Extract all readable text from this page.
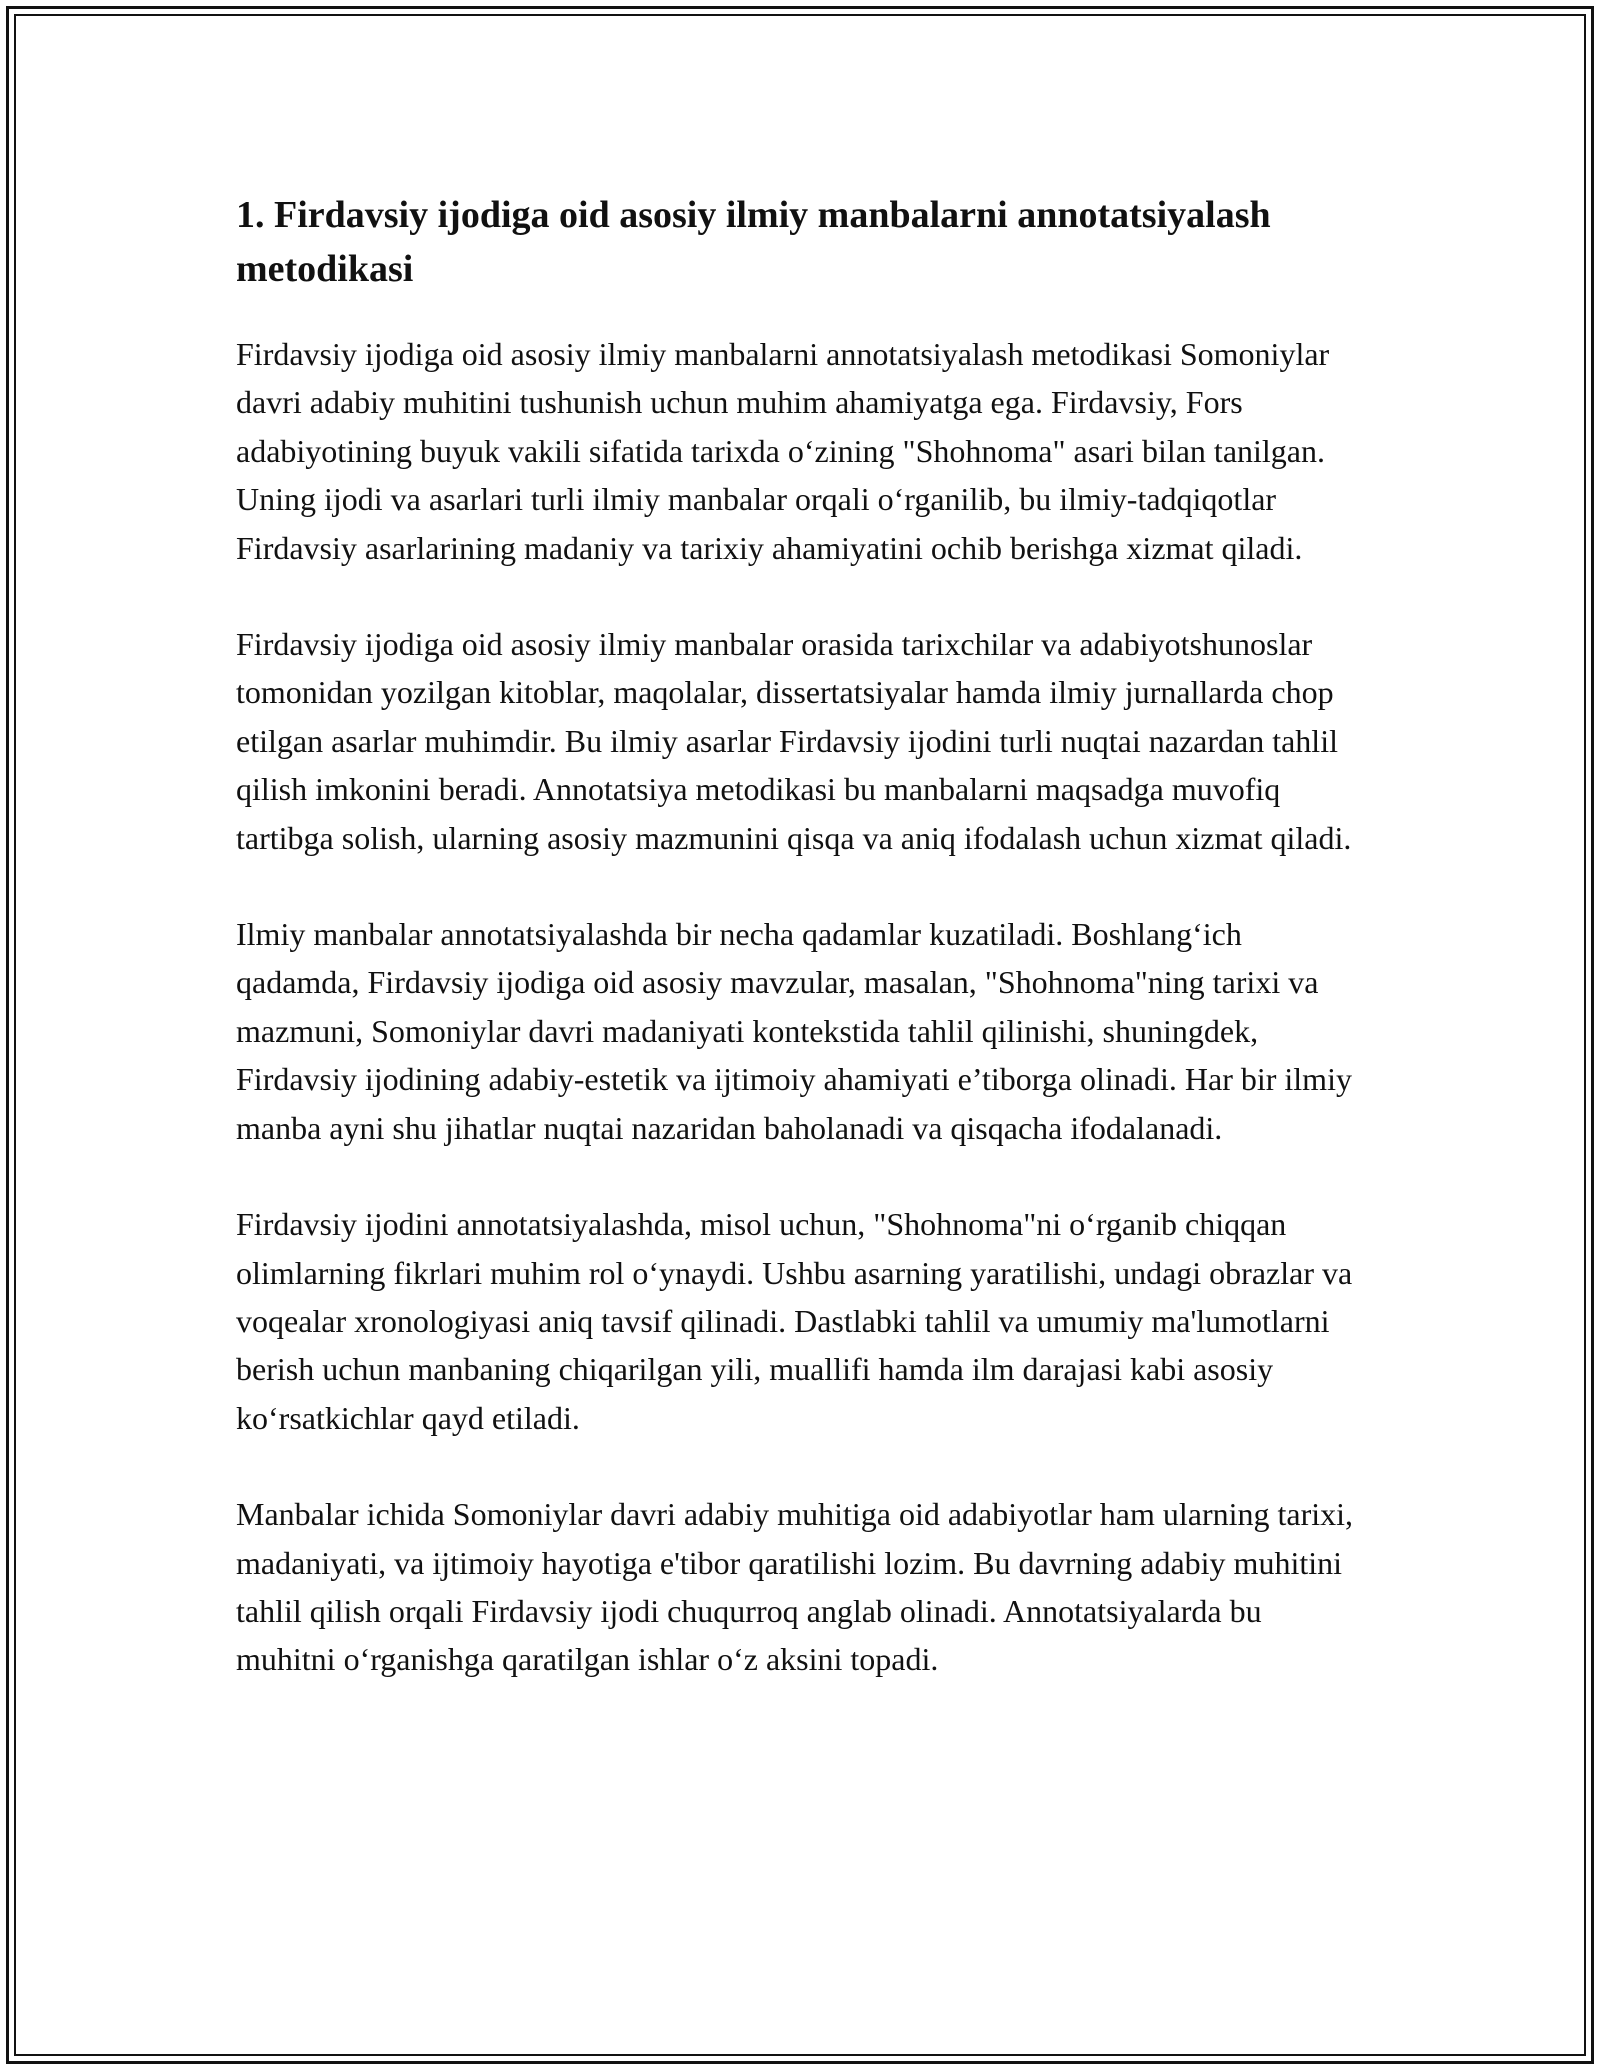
1. Firdavsiy ijodiga oid asosiy ilmiy manbalarni annotatsiyalash metodikasi

Firdavsiy ijodiga oid asosiy ilmiy manbalarni annotatsiyalash metodikasi Somoniylar davri adabiy muhitini tushunish uchun muhim ahamiyatga ega. Firdavsiy, Fors adabiyotining buyuk vakili sifatida tarixda o‘zining "Shohnoma" asari bilan tanilgan. Uning ijodi va asarlari turli ilmiy manbalar orqali o‘rganilib, bu ilmiy-tadqiqotlar Firdavsiy asarlarining madaniy va tarixiy ahamiyatini ochib berishga xizmat qiladi.

Firdavsiy ijodiga oid asosiy ilmiy manbalar orasida tarixchilar va adabiyotshunoslar tomonidan yozilgan kitoblar, maqolalar, dissertatsiyalar hamda ilmiy jurnallarda chop etilgan asarlar muhimdir. Bu ilmiy asarlar Firdavsiy ijodini turli nuqtai nazardan tahlil qilish imkonini beradi. Annotatsiya metodikasi bu manbalarni maqsadga muvofiq tartibga solish, ularning asosiy mazmunini qisqa va aniq ifodalash uchun xizmat qiladi.

Ilmiy manbalar annotatsiyalashda bir necha qadamlar kuzatiladi. Boshlang‘ich qadamda, Firdavsiy ijodiga oid asosiy mavzular, masalan, "Shohnoma"ning tarixi va mazmuni, Somoniylar davri madaniyati kontekstida tahlil qilinishi, shuningdek, Firdavsiy ijodining adabiy-estetik va ijtimoiy ahamiyati e’tiborga olinadi. Har bir ilmiy manba ayni shu jihatlar nuqtai nazaridan baholanadi va qisqacha ifodalanadi.

Firdavsiy ijodini annotatsiyalashda, misol uchun, "Shohnoma"ni o‘rganib chiqqan olimlarning fikrlari muhim rol o‘ynaydi. Ushbu asarning yaratilishi, undagi obrazlar va voqealar xronologiyasi aniq tavsif qilinadi. Dastlabki tahlil va umumiy ma'lumotlarni berish uchun manbaning chiqarilgan yili, muallifi hamda ilm darajasi kabi asosiy ko‘rsatkichlar qayd etiladi.

Manbalar ichida Somoniylar davri adabiy muhitiga oid adabiyotlar ham ularning tarixi, madaniyati, va ijtimoiy hayotiga e'tibor qaratilishi lozim. Bu davrning adabiy muhitini tahlil qilish orqali Firdavsiy ijodi chuqurroq anglab olinadi. Annotatsiyalarda bu muhitni o‘rganishga qaratilgan ishlar o‘z aksini topadi.
